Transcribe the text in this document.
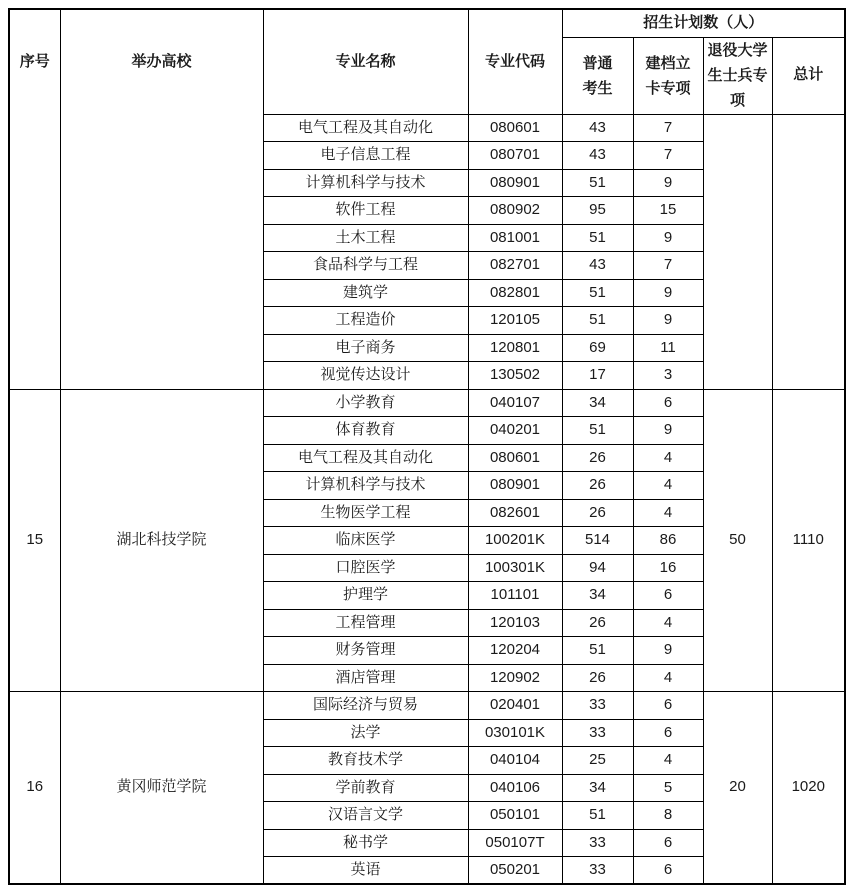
序号	举办高校	专业名称	专业代码	招生计划数（人）			
				普通考生	建档立卡专项	退役大学生士兵专项	总计
		电气工程及其自动化	080601	43	7		
		电子信息工程	080701	43	7		
		计算机科学与技术	080901	51	9		
		软件工程	080902	95	15		
		土木工程	081001	51	9		
		食品科学与工程	082701	43	7		
		建筑学	082801	51	9		
		工程造价	120105	51	9		
		电子商务	120801	69	11		
		视觉传达设计	130502	17	3		
15	湖北科技学院	小学教育	040107	34	6	50	1110
		体育教育	040201	51	9		
		电气工程及其自动化	080601	26	4		
		计算机科学与技术	080901	26	4		
		生物医学工程	082601	26	4		
		临床医学	100201K	514	86		
		口腔医学	100301K	94	16		
		护理学	101101	34	6		
		工程管理	120103	26	4		
		财务管理	120204	51	9		
		酒店管理	120902	26	4		
16	黄冈师范学院	国际经济与贸易	020401	33	6	20	1020
		法学	030101K	33	6		
		教育技术学	040104	25	4		
		学前教育	040106	34	5		
		汉语言文学	050101	51	8		
		秘书学	050107T	33	6		
		英语	050201	33	6		
